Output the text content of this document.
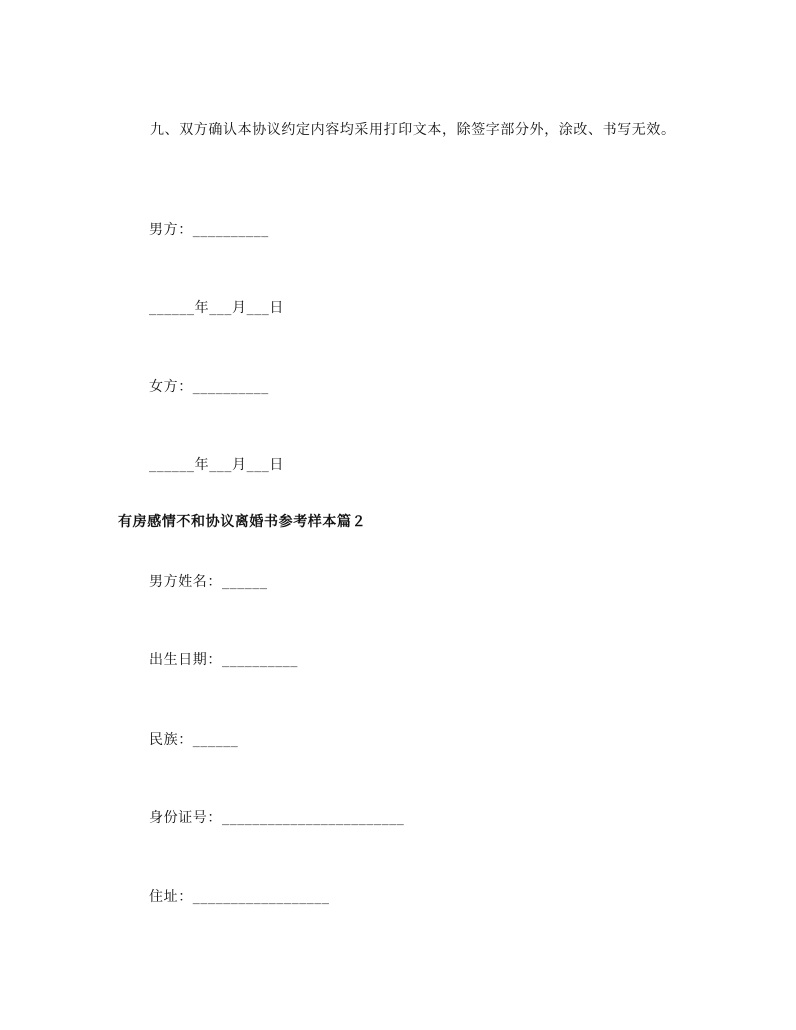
九、双方确认本协议约定内容均采用打印文本，除签字部分外，涂改、书写无效。

男方：__________

______年___月___日

女方：__________

______年___月___日

有房感情不和协议离婚书参考样本篇２

男方姓名：______

出生日期：__________

民族：______

身份证号：________________________

住址：__________________
